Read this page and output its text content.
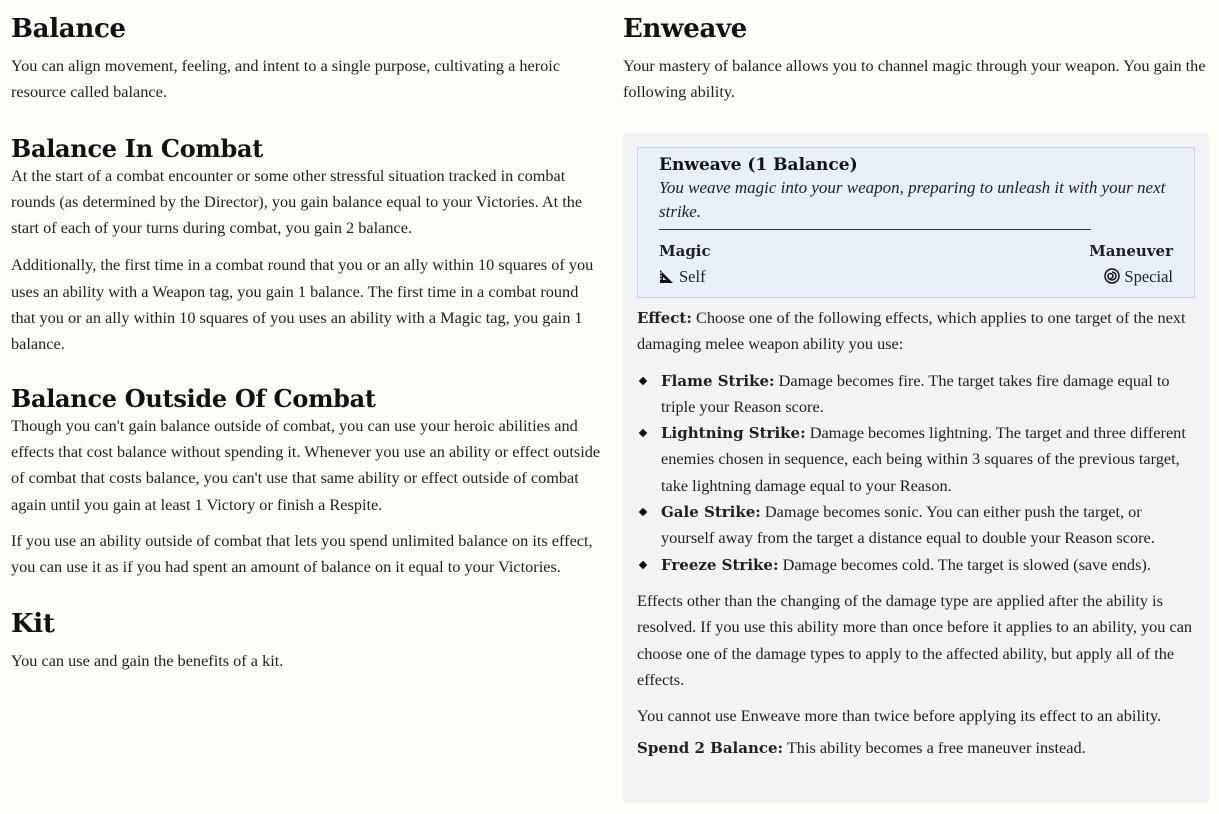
Balance

You can align movement, feeling, and intent to a single purpose, cultivating a heroic resource called balance.

Balance In Combat

At the start of a combat encounter or some other stressful situation tracked in combat rounds (as determined by the Director), you gain balance equal to your Victories. At the start of each of your turns during combat, you gain 2 balance.

Additionally, the first time in a combat round that you or an ally within 10 squares of you uses an ability with a Weapon tag, you gain 1 balance. The first time in a combat round that you or an ally within 10 squares of you uses an ability with a Magic tag, you gain 1 balance.

Balance Outside Of Combat

Though you can't gain balance outside of combat, you can use your heroic abilities and effects that cost balance without spending it. Whenever you use an ability or effect outside of combat that costs balance, you can't use that same ability or effect outside of combat again until you gain at least 1 Victory or finish a Respite.

If you use an ability outside of combat that lets you spend unlimited balance on its effect, you can use it as if you had spent an amount of balance on it equal to your Victories.

Kit

You can use and gain the benefits of a kit.

Enweave

Your mastery of balance allows you to channel magic through your weapon. You gain the following ability.

Enweave (1 Balance)
You weave magic into your weapon, preparing to unleash it with your next strike.
Magic	Maneuver
Self	Special

Effect: Choose one of the following effects, which applies to one target of the next damaging melee weapon ability you use:

Flame Strike: Damage becomes fire. The target takes fire damage equal to triple your Reason score.
Lightning Strike: Damage becomes lightning. The target and three different enemies chosen in sequence, each being within 3 squares of the previous target, take lightning damage equal to your Reason.
Gale Strike: Damage becomes sonic. You can either push the target, or yourself away from the target a distance equal to double your Reason score.
Freeze Strike: Damage becomes cold. The target is slowed (save ends).

Effects other than the changing of the damage type are applied after the ability is resolved. If you use this ability more than once before it applies to an ability, you can choose one of the damage types to apply to the affected ability, but apply all of the effects.

You cannot use Enweave more than twice before applying its effect to an ability.

Spend 2 Balance: This ability becomes a free maneuver instead.
